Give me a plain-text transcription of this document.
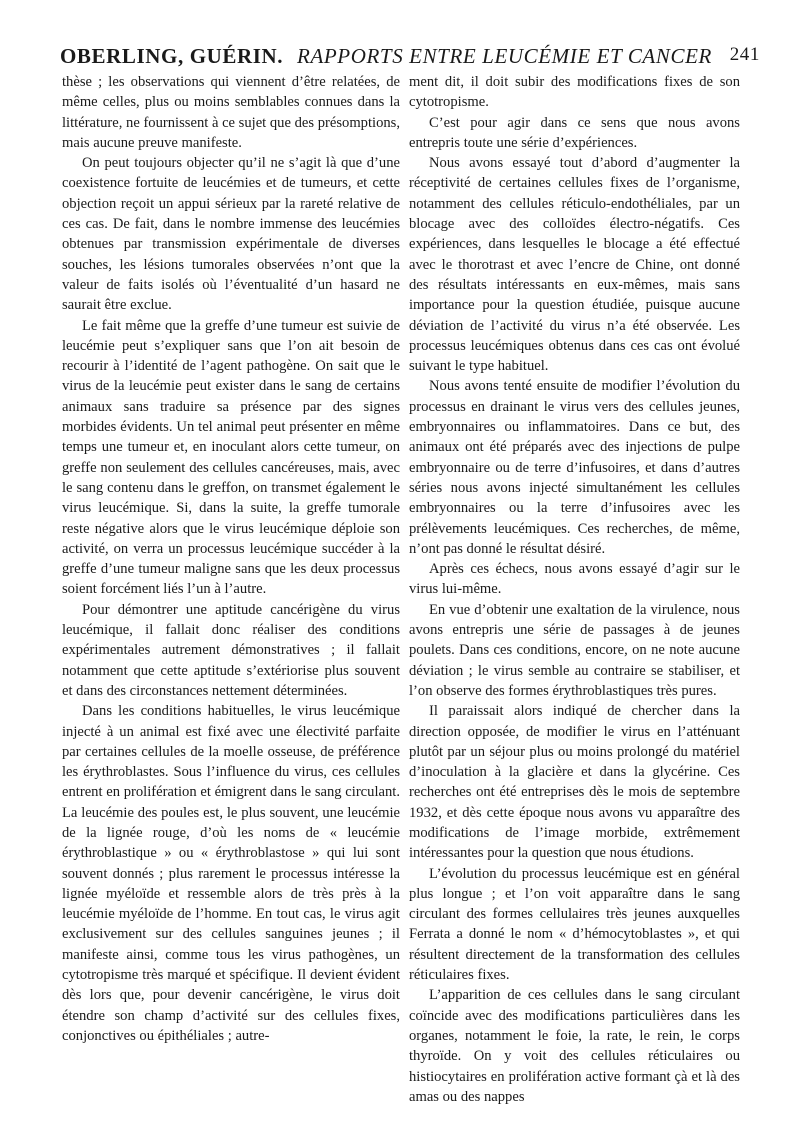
OBERLING, GUÉRIN. RAPPORTS ENTRE LEUCÉMIE ET CANCER 241

thèse ; les observations qui viennent d’être relatées, de même celles, plus ou moins semblables connues dans la littérature, ne fournissent à ce sujet que des présomptions, mais aucune preuve manifeste.

On peut toujours objecter qu’il ne s’agit là que d’une coexistence fortuite de leucémies et de tumeurs, et cette objection reçoit un appui sérieux par la rareté relative de ces cas. De fait, dans le nombre immense des leucémies obtenues par transmission expérimentale de diverses souches, les lésions tumorales observées n’ont que la valeur de faits isolés où l’éventualité d’un hasard ne saurait être exclue.

Le fait même que la greffe d’une tumeur est suivie de leucémie peut s’expliquer sans que l’on ait besoin de recourir à l’identité de l’agent pathogène. On sait que le virus de la leucémie peut exister dans le sang de certains animaux sans traduire sa présence par des signes morbides évidents. Un tel animal peut présenter en même temps une tumeur et, en inoculant alors cette tumeur, on greffe non seulement des cellules cancéreuses, mais, avec le sang contenu dans le greffon, on transmet également le virus leucémique. Si, dans la suite, la greffe tumorale reste négative alors que le virus leucémique déploie son activité, on verra un processus leucémique succéder à la greffe d’une tumeur maligne sans que les deux processus soient forcément liés l’un à l’autre.

Pour démontrer une aptitude cancérigène du virus leucémique, il fallait donc réaliser des conditions expérimentales autrement démonstratives ; il fallait notamment que cette aptitude s’extériorise plus souvent et dans des circonstances nettement déterminées.

Dans les conditions habituelles, le virus leucémique injecté à un animal est fixé avec une électivité parfaite par certaines cellules de la moelle osseuse, de préférence les érythroblastes. Sous l’influence du virus, ces cellules entrent en prolifération et émigrent dans le sang circulant. La leucémie des poules est, le plus souvent, une leucémie de la lignée rouge, d’où les noms de « leucémie érythroblastique » ou « érythroblastose » qui lui sont souvent donnés ; plus rarement le processus intéresse la lignée myéloïde et ressemble alors de très près à la leucémie myéloïde de l’homme. En tout cas, le virus agit exclusivement sur des cellules sanguines jeunes ; il manifeste ainsi, comme tous les virus pathogènes, un cytotropisme très marqué et spécifique. Il devient évident dès lors que, pour devenir cancérigène, le virus doit étendre son champ d’activité sur des cellules fixes, conjonctives ou épithéliales ; autre-

ment dit, il doit subir des modifications fixes de son cytotropisme.

C’est pour agir dans ce sens que nous avons entrepris toute une série d’expériences.

Nous avons essayé tout d’abord d’augmenter la réceptivité de certaines cellules fixes de l’organisme, notamment des cellules réticulo-endothéliales, par un blocage avec des colloïdes électro-négatifs. Ces expériences, dans lesquelles le blocage a été effectué avec le thorotrast et avec l’encre de Chine, ont donné des résultats intéressants en eux-mêmes, mais sans importance pour la question étudiée, puisque aucune déviation de l’activité du virus n’a été observée. Les processus leucémiques obtenus dans ces cas ont évolué suivant le type habituel.

Nous avons tenté ensuite de modifier l’évolution du processus en drainant le virus vers des cellules jeunes, embryonnaires ou inflammatoires. Dans ce but, des animaux ont été préparés avec des injections de pulpe embryonnaire ou de terre d’infusoires, et dans d’autres séries nous avons injecté simultanément les cellules embryonnaires ou la terre d’infusoires avec les prélèvements leucémiques. Ces recherches, de même, n’ont pas donné le résultat désiré.

Après ces échecs, nous avons essayé d’agir sur le virus lui-même.

En vue d’obtenir une exaltation de la virulence, nous avons entrepris une série de passages à de jeunes poulets. Dans ces conditions, encore, on ne note aucune déviation ; le virus semble au contraire se stabiliser, et l’on observe des formes érythroblastiques très pures.

Il paraissait alors indiqué de chercher dans la direction opposée, de modifier le virus en l’atténuant plutôt par un séjour plus ou moins prolongé du matériel d’inoculation à la glacière et dans la glycérine. Ces recherches ont été entreprises dès le mois de septembre 1932, et dès cette époque nous avons vu apparaître des modifications de l’image morbide, extrêmement intéressantes pour la question que nous étudions.

L’évolution du processus leucémique est en général plus longue ; et l’on voit apparaître dans le sang circulant des formes cellulaires très jeunes auxquelles Ferrata a donné le nom « d’hémocytoblastes », et qui résultent directement de la transformation des cellules réticulaires fixes.

L’apparition de ces cellules dans le sang circulant coïncide avec des modifications particulières dans les organes, notamment le foie, la rate, le rein, le corps thyroïde. On y voit des cellules réticulaires ou histiocytaires en prolifération active formant çà et là des amas ou des nappes
